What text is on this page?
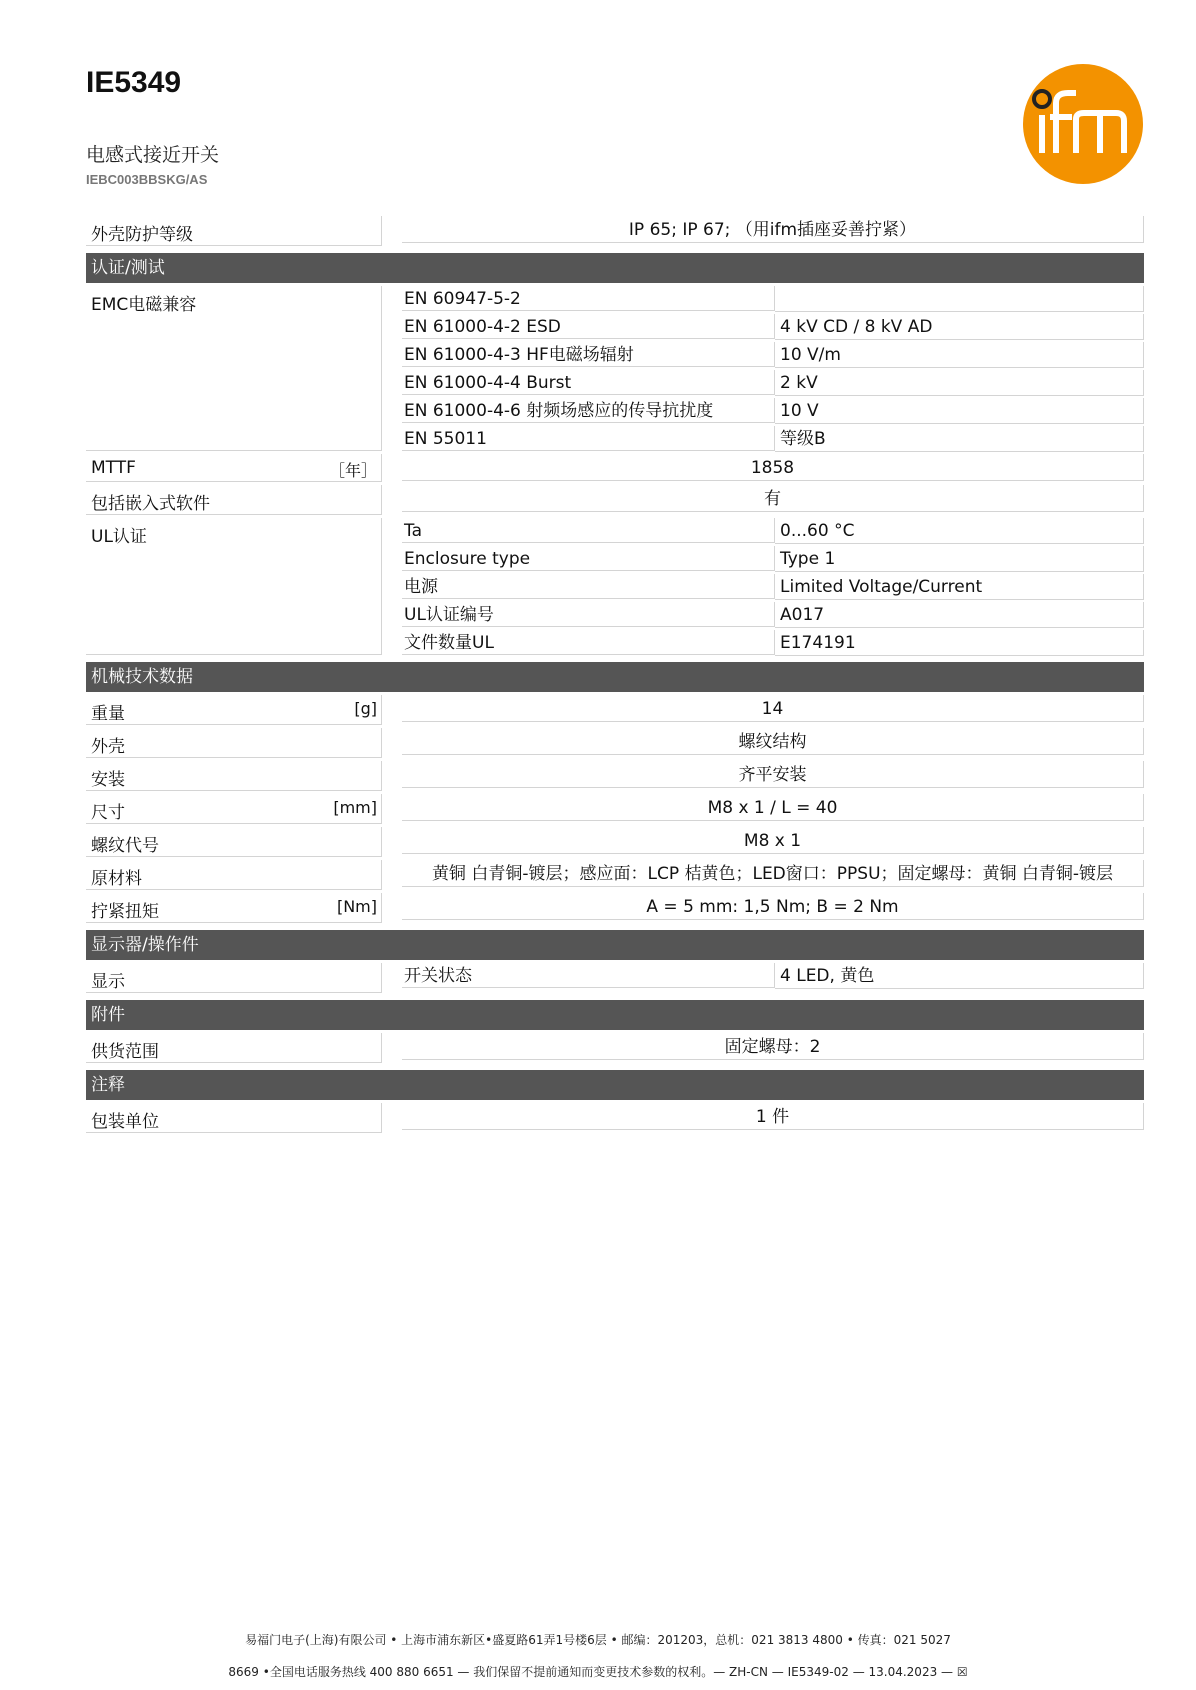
IE5349
电感式接近开关
IEBC003BBSKG/AS	ifm
外壳防护等级	IP 65; IP 67; （用ifm插座妥善拧紧）
认证/测试
EMC电磁兼容	EN 60947-5-2
EN 61000-4-2 ESD	4 kV CD / 8 kV AD
EN 61000-4-3 HF电磁场辐射	10 V/m
EN 61000-4-4 Burst	2 kV
EN 61000-4-6 射频场感应的传导抗扰度	10 V
EN 55011	等级B
MTTF	［年］	1858
包括嵌入式软件	有
UL认证	Ta	0...60 °C
Enclosure type	Type 1
电源	Limited Voltage/Current
UL认证编号	A017
文件数量UL	E174191
机械技术数据
重量	[g]	14
外壳	螺纹结构
安装	齐平安装
尺寸	[mm]	M8 x 1 / L = 40
螺纹代号	M8 x 1
原材料	黄铜 白青铜-镀层；感应面：LCP 桔黄色；LED窗口：PPSU；固定螺母：黄铜 白青铜-镀层
拧紧扭矩	[Nm]	A = 5 mm: 1,5 Nm; B = 2 Nm
显示器/操作件
显示	开关状态	4 LED, 黄色
附件
供货范围	固定螺母：2
注释
包装单位	1 件
易福门电子(上海)有限公司 • 上海市浦东新区•盛夏路61弄1号楼6层 • 邮编：201203，总机：021 3813 4800 • 传真：021 5027
8669 •全国电话服务热线 400 880 6651 — 我们保留不提前通知而变更技术参数的权利。— ZH-CN — IE5349-02 — 13.04.2023 — ☒
